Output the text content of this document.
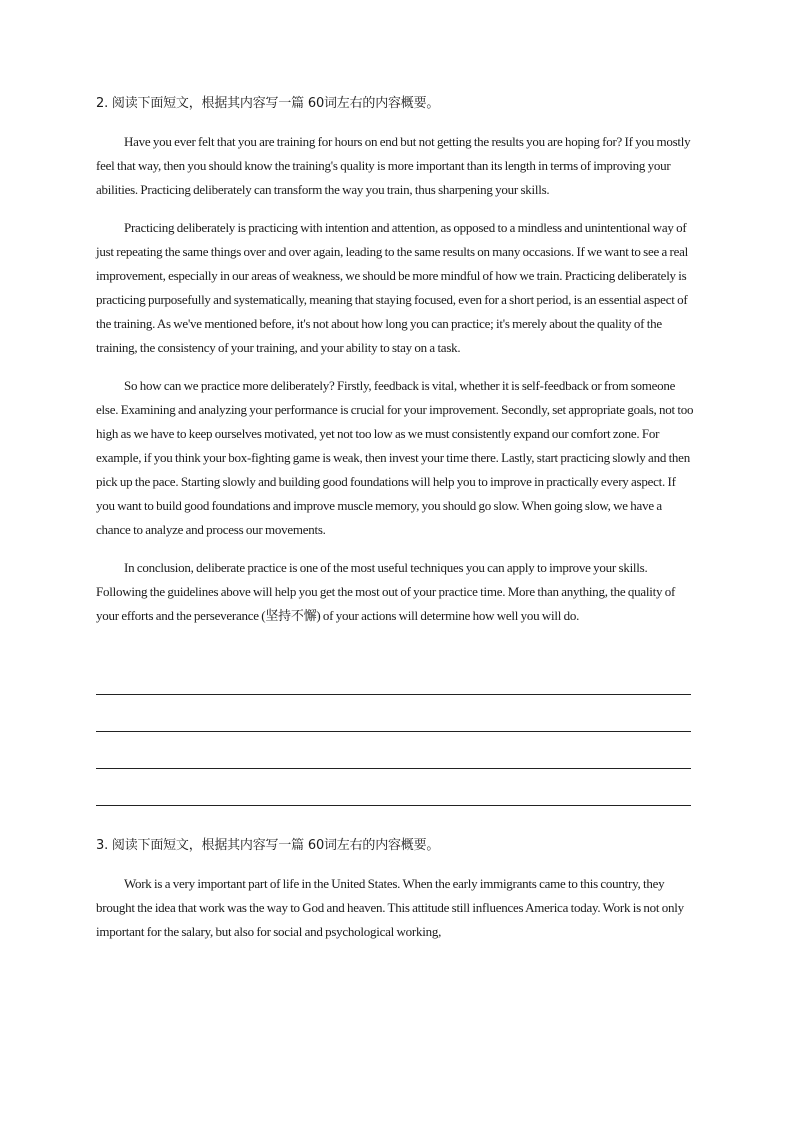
2. 阅读下面短文，根据其内容写一篇 60词左右的内容概要。

Have you ever felt that you are training for hours on end but not getting the results you are hoping for? If you mostly feel that way, then you should know the training's quality is more important than its length in terms of improving your abilities. Practicing deliberately can transform the way you train, thus sharpening your skills.

Practicing deliberately is practicing with intention and attention, as opposed to a mindless and unintentional way of just repeating the same things over and over again, leading to the same results on many occasions. If we want to see a real improvement, especially in our areas of weakness, we should be more mindful of how we train. Practicing deliberately is practicing purposefully and systematically, meaning that staying focused, even for a short period, is an essential aspect of the training. As we've mentioned before, it's not about how long you can practice; it's merely about the quality of the training, the consistency of your training, and your ability to stay on a task.

So how can we practice more deliberately? Firstly, feedback is vital, whether it is self-feedback or from someone else. Examining and analyzing your performance is crucial for your improvement. Secondly, set appropriate goals, not too high as we have to keep ourselves motivated, yet not too low as we must consistently expand our comfort zone. For example, if you think your box-fighting game is weak, then invest your time there. Lastly, start practicing slowly and then pick up the pace. Starting slowly and building good foundations will help you to improve in practically every aspect. If you want to build good foundations and improve muscle memory, you should go slow. When going slow, we have a chance to analyze and process our movements.

In conclusion, deliberate practice is one of the most useful techniques you can apply to improve your skills. Following the guidelines above will help you get the most out of your practice time. More than anything, the quality of your efforts and the perseverance (坚持不懈) of your actions will determine how well you will do.

3. 阅读下面短文，根据其内容写一篇 60词左右的内容概要。

Work is a very important part of life in the United States. When the early immigrants came to this country, they brought the idea that work was the way to God and heaven. This attitude still influences America today. Work is not only important for the salary, but also for social and psychological working,
